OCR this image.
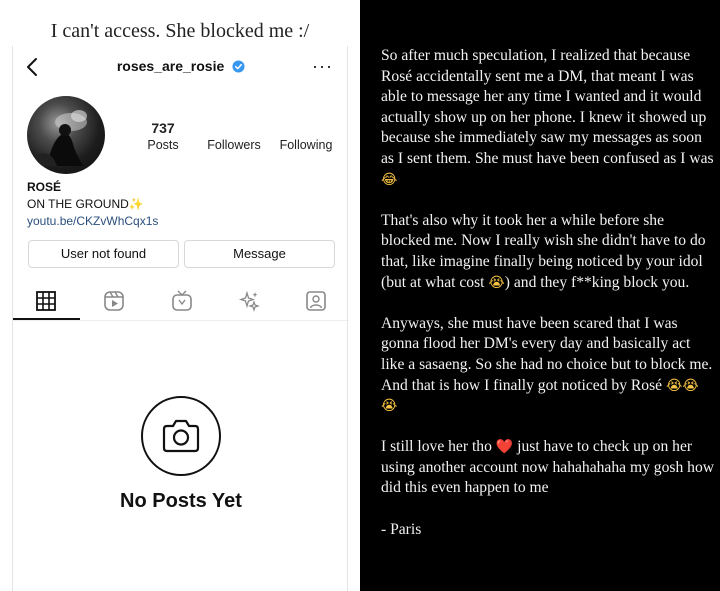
I can't access. She blocked me :/
roses_are_rosie	···
737
Posts	Followers	Following
ROSÉ
ON THE GROUND✨
youtu.be/CKZvWhCqx1s
User not found	Message
No Posts Yet

So after much speculation, I realized that because Rosé accidentally sent me a DM, that meant I was able to message her any time I wanted and it would actually show up on her phone. I knew it showed up because she immediately saw my messages as soon as I sent them. She must have been confused as I was 😂

That's also why it took her a while before she blocked me. Now I really wish she didn't have to do that, like imagine finally being noticed by your idol (but at what cost 😭) and they f**king block you.

Anyways, she must have been scared that I was gonna flood her DM's every day and basically act like a sasaeng. So she had no choice but to block me. And that is how I finally got noticed by Rosé 😭😭😭

I still love her tho ❤️ just have to check up on her using another account now hahahahaha my gosh how did this even happen to me

- Paris
